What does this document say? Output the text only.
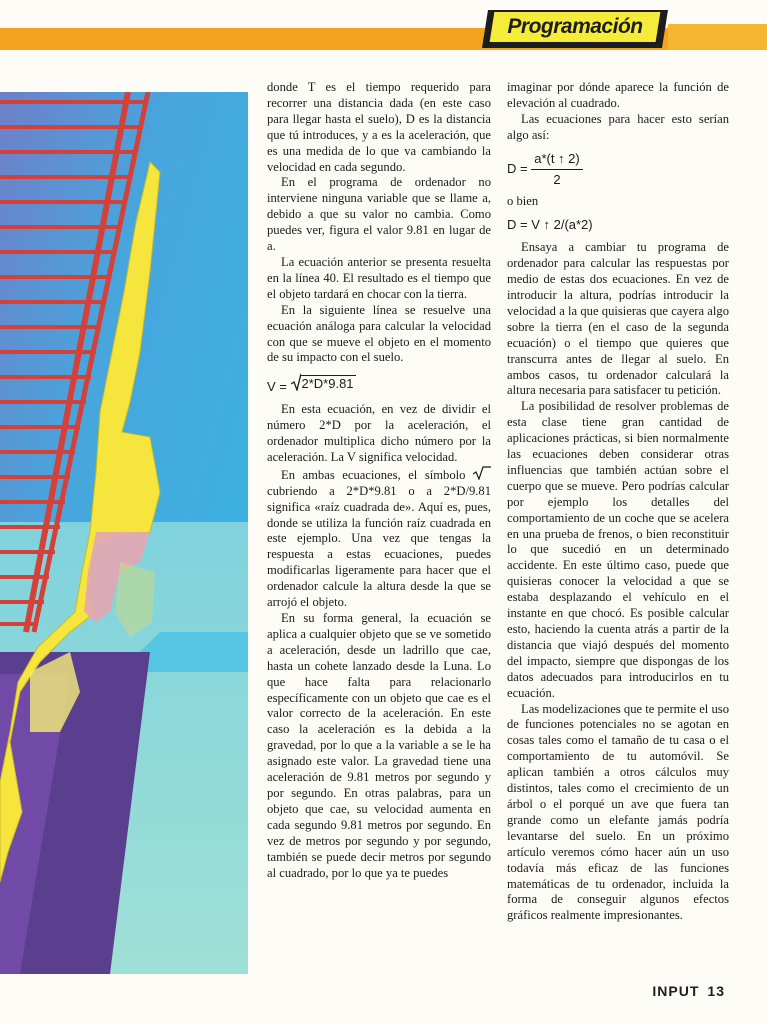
Programación

donde T es el tiempo requerido para recorrer una distancia dada (en este caso para llegar hasta el suelo), D es la distancia que tú introduces, y a es la aceleración, que es una medida de lo que va cambiando la velocidad en cada segundo.

En el programa de ordenador no interviene ninguna variable que se llame a, debido a que su valor no cambia. Como puedes ver, figura el valor 9.81 en lugar de a.

La ecuación anterior se presenta resuelta en la línea 40. El resultado es el tiempo que el objeto tardará en chocar con la tierra.

En la siguiente línea se resuelve una ecuación análoga para calcular la velocidad con que se mueve el objeto en el momento de su impacto con el suelo.

V = 2*D*9.81

En esta ecuación, en vez de dividir el número 2*D por la aceleración, el ordenador multiplica dicho número por la aceleración. La V significa velocidad.

En ambas ecuaciones, el símbolo  cubriendo a 2*D*9.81 o a 2*D/9.81 significa «raíz cuadrada de». Aquí es, pues, donde se utiliza la función raíz cuadrada en este ejemplo. Una vez que tengas la respuesta a estas ecuaciones, puedes modificarlas ligeramente para hacer que el ordenador calcule la altura desde la que se arrojó el objeto.

En su forma general, la ecuación se aplica a cualquier objeto que se ve sometido a aceleración, desde un ladrillo que cae, hasta un cohete lanzado desde la Luna. Lo que hace falta para relacionarlo específicamente con un objeto que cae es el valor correcto de la aceleración. En este caso la aceleración es la debida a la gravedad, por lo que a la variable a se le ha asignado este valor. La gravedad tiene una aceleración de 9.81 metros por segundo y por segundo. En otras palabras, para un objeto que cae, su velocidad aumenta en cada segundo 9.81 metros por segundo. En vez de metros por segundo y por segundo, también se puede decir metros por segundo al cuadrado, por lo que ya te puedes

imaginar por dónde aparece la función de elevación al cuadrado.

Las ecuaciones para hacer esto serían algo así:

$D = \frac{a*(t ↑ 2)}{2}$

o bien

D = V ↑ 2/(a*2)

Ensaya a cambiar tu programa de ordenador para calcular las respuestas por medio de estas dos ecuaciones. En vez de introducir la altura, podrías introducir la velocidad a la que quisieras que cayera algo sobre la tierra (en el caso de la segunda ecuación) o el tiempo que quieres que transcurra antes de llegar al suelo. En ambos casos, tu ordenador calculará la altura necesaria para satisfacer tu petición.

La posibilidad de resolver problemas de esta clase tiene gran cantidad de aplicaciones prácticas, si bien normalmente las ecuaciones deben considerar otras influencias que también actúan sobre el cuerpo que se mueve. Pero podrías calcular por ejemplo los detalles del comportamiento de un coche que se acelera en una prueba de frenos, o bien reconstituir lo que sucedió en un determinado accidente. En este último caso, puede que quisieras conocer la velocidad a que se estaba desplazando el vehículo en el instante en que chocó. Es posible calcular esto, haciendo la cuenta atrás a partir de la distancia que viajó después del momento del impacto, siempre que dispongas de los datos adecuados para introducirlos en tu ecuación.

Las modelizaciones que te permite el uso de funciones potenciales no se agotan en cosas tales como el tamaño de tu casa o el comportamiento de tu automóvil. Se aplican también a otros cálculos muy distintos, tales como el crecimiento de un árbol o el porqué un ave que fuera tan grande como un elefante jamás podría levantarse del suelo. En un próximo artículo veremos cómo hacer aún un uso todavía más eficaz de las funciones matemáticas de tu ordenador, incluida la forma de conseguir algunos efectos gráficos realmente impresionantes.

INPUT 13
